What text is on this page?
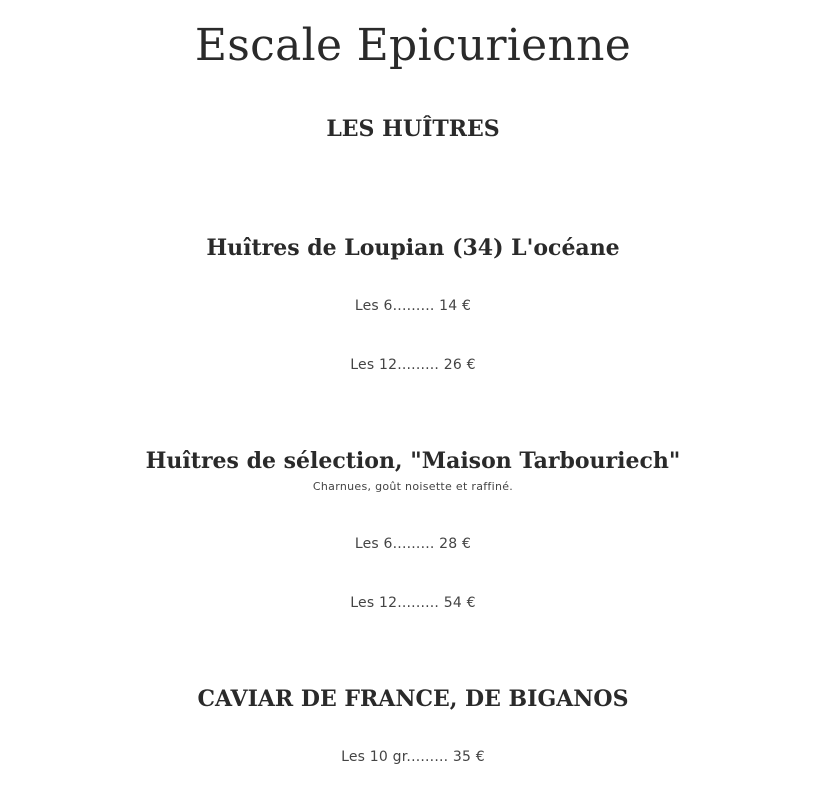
Escale Epicurienne
LES HUÎTRES
Huîtres de Loupian (34) L'océane

Les 6......... 14 €

Les 12......... 26 €

Huîtres de sélection, "Maison Tarbouriech"

Charnues, goût noisette et raffiné.

Les 6......... 28 €

Les 12......... 54 €

CAVIAR DE FRANCE, DE BIGANOS

Les 10 gr......... 35 €
